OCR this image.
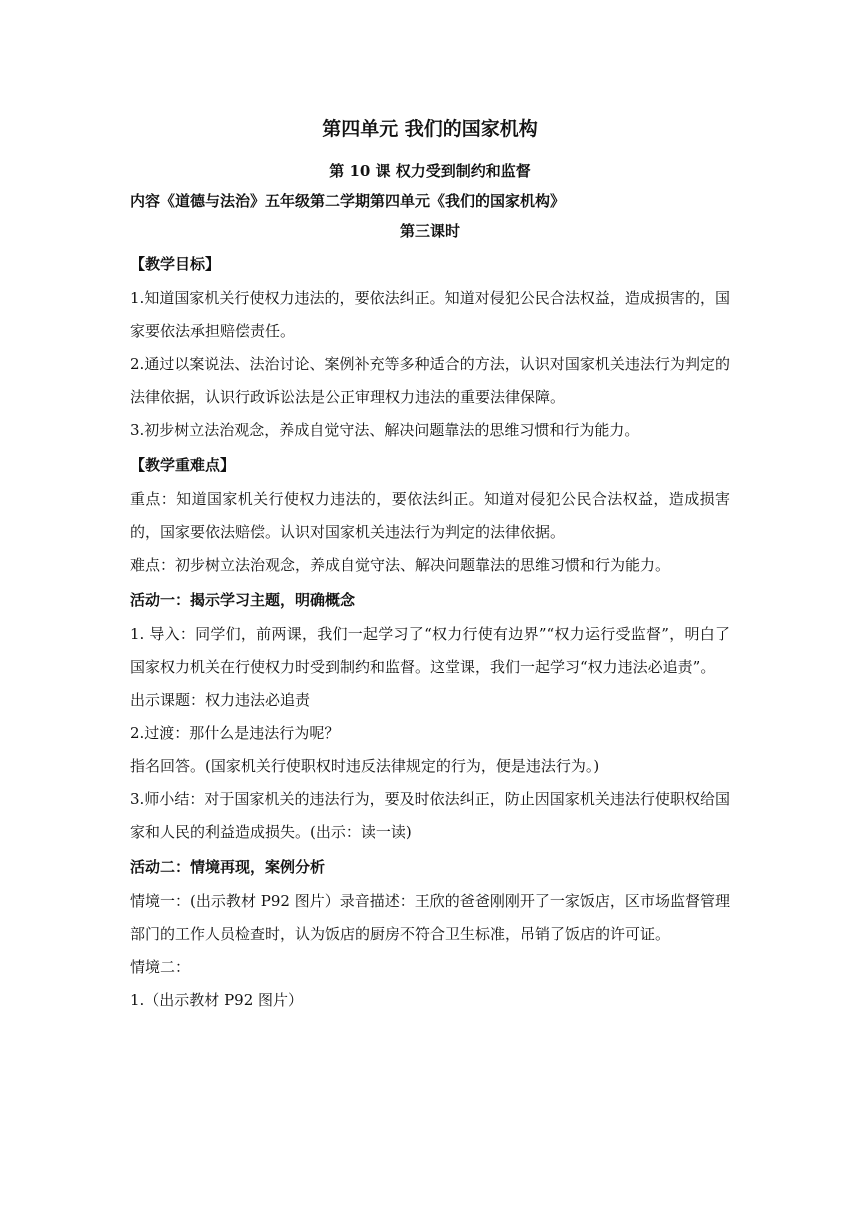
第四单元 我们的国家机构
第 10 课 权力受到制约和监督
内容《道德与法治》五年级第二学期第四单元《我们的国家机构》
第三课时
【教学目标】
1.知道国家机关行使权力违法的，要依法纠正。知道对侵犯公民合法权益，造成损害的，国家要依法承担赔偿责任。
2.通过以案说法、法治讨论、案例补充等多种适合的方法，认识对国家机关违法行为判定的法律依据，认识行政诉讼法是公正审理权力违法的重要法律保障。
3.初步树立法治观念，养成自觉守法、解决问题靠法的思维习惯和行为能力。
【教学重难点】
重点：知道国家机关行使权力违法的，要依法纠正。知道对侵犯公民合法权益，造成损害的，国家要依法赔偿。认识对国家机关违法行为判定的法律依据。
难点：初步树立法治观念，养成自觉守法、解决问题靠法的思维习惯和行为能力。
活动一：揭示学习主题，明确概念
1. 导入：同学们，前两课，我们一起学习了“权力行使有边界”“权力运行受监督”，明白了国家权力机关在行使权力时受到制约和监督。这堂课，我们一起学习“权力违法必追责”。
出示课题：权力违法必追责
2.过渡：那什么是违法行为呢？
指名回答。(国家机关行使职权时违反法律规定的行为，便是违法行为。)
3.师小结：对于国家机关的违法行为，要及时依法纠正，防止因国家机关违法行使职权给国家和人民的利益造成损失。(出示：读一读)
活动二：情境再现，案例分析
情境一：(出示教材 P92 图片）录音描述：王欣的爸爸刚刚开了一家饭店，区市场监督管理部门的工作人员检查时，认为饭店的厨房不符合卫生标准，吊销了饭店的许可证。
情境二：
1.（出示教材 P92 图片）
